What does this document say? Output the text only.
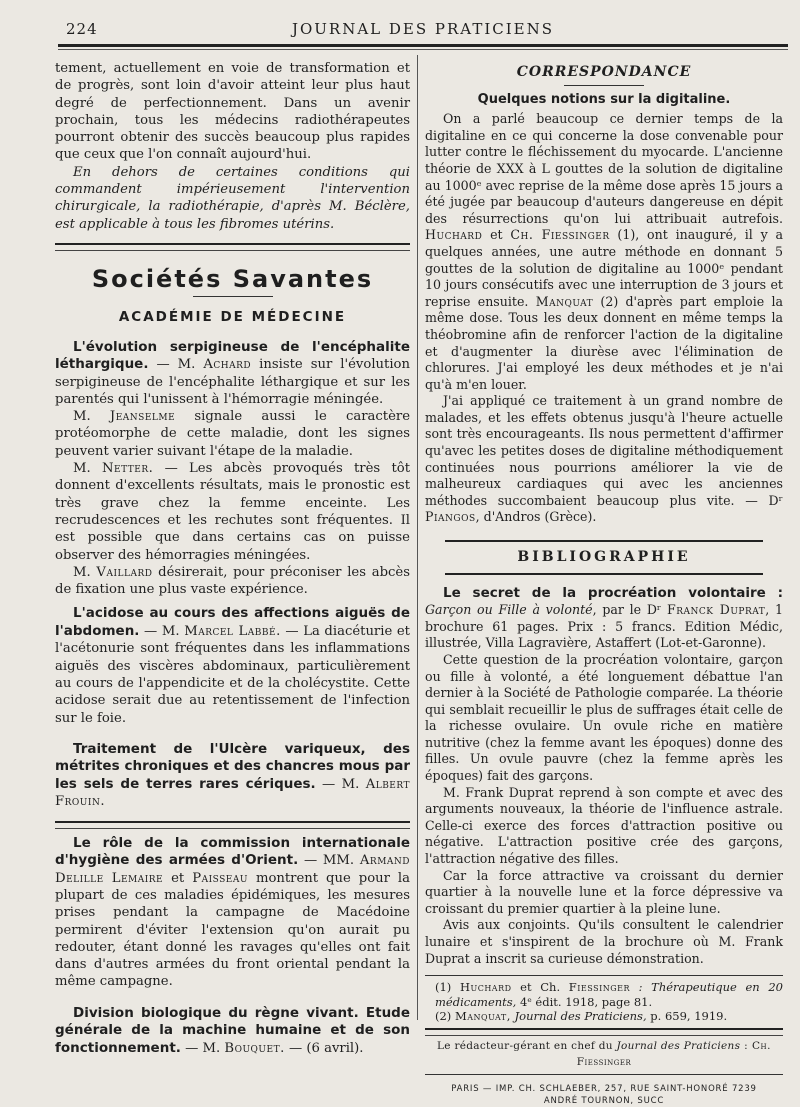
224	JOURNAL DES PRATICIENS

tement, actuellement en voie de transformation et de progrès, sont loin d'avoir atteint leur plus haut degré de perfectionnement. Dans un avenir prochain, tous les médecins radiothérapeutes pourront obtenir des succès beaucoup plus rapides que ceux que l'on connaît aujourd'hui.

En dehors de certaines conditions qui commandent impérieusement l'intervention chirurgicale, la radiothérapie, d'après M. Béclère, est applicable à tous les fibromes utérins.

Sociétés Savantes
ACADÉMIE DE MÉDECINE

L'évolution serpigineuse de l'encéphalite léthargique. — M. Achard insiste sur l'évolution serpigineuse de l'encéphalite léthargique et sur les parentés qui l'unissent à l'hémorragie méningée.

M. Jeanselme signale aussi le caractère protéomorphe de cette maladie, dont les signes peuvent varier suivant l'étape de la maladie.

M. Netter. — Les abcès provoqués très tôt donnent d'excellents résultats, mais le pronostic est très grave chez la femme enceinte. Les recrudescences et les rechutes sont fréquentes. Il est possible que dans certains cas on puisse observer des hémorragies méningées.

M. Vaillard désirerait, pour préconiser les abcès de fixation une plus vaste expérience.

L'acidose au cours des affections aiguës de l'abdomen. — M. Marcel Labbé. — La diacéturie et l'acétonurie sont fréquentes dans les inflammations aiguës des viscères abdominaux, particulièrement au cours de l'appendicite et de la cholécystite. Cette acidose serait due au retentissement de l'infection sur le foie.

Traitement de l'Ulcère variqueux, des métrites chroniques et des chancres mous par les sels de terres rares cériques. — M. Albert Frouin.

Le rôle de la commission internationale d'hygiène des armées d'Orient. — MM. Armand Delille Lemaire et Paisseau montrent que pour la plupart de ces maladies épidémiques, les mesures prises pendant la campagne de Macédoine permirent d'éviter l'extension qu'on aurait pu redouter, étant donné les ravages qu'elles ont fait dans d'autres armées du front oriental pendant la même campagne.

Division biologique du règne vivant. Etude générale de la machine humaine et de son fonctionnement. — M. Bouquet. — (6 avril).

CORRESPONDANCE
Quelques notions sur la digitaline.

On a parlé beaucoup ce dernier temps de la digitaline en ce qui concerne la dose convenable pour lutter contre le fléchissement du myocarde. L'ancienne théorie de XXX à L gouttes de la solution de digitaline au 1000ᵉ avec reprise de la même dose après 15 jours a été jugée par beaucoup d'auteurs dangereuse en dépit des résurrections qu'on lui attribuait autrefois. Huchard et Ch. Fiessinger (1), ont inauguré, il y a quelques années, une autre méthode en donnant 5 gouttes de la solution de digitaline au 1000ᵉ pendant 10 jours consécutifs avec une interruption de 3 jours et reprise ensuite. Manquat (2) d'après part emploie la même dose. Tous les deux donnent en même temps la théobromine afin de renforcer l'action de la digitaline et d'augmenter la diurèse avec l'élimination de chlorures. J'ai employé les deux méthodes et je n'ai qu'à m'en louer.

J'ai appliqué ce traitement à un grand nombre de malades, et les effets obtenus jusqu'à l'heure actuelle sont très encourageants. Ils nous permettent d'affirmer qu'avec les petites doses de digitaline méthodiquement continuées nous pourrions améliorer la vie de malheureux cardiaques qui avec les anciennes méthodes succombaient beaucoup plus vite. — Dʳ Piangos, d'Andros (Grèce).

BIBLIOGRAPHIE

Le secret de la procréation volontaire : Garçon ou Fille à volonté, par le Dʳ Franck Duprat, 1 brochure 61 pages. Prix : 5 francs. Edition Médic, illustrée, Villa Lagravière, Astaffert (Lot-et-Garonne).

Cette question de la procréation volontaire, garçon ou fille à volonté, a été longuement débattue l'an dernier à la Société de Pathologie comparée. La théorie qui semblait recueillir le plus de suffrages était celle de la richesse ovulaire. Un ovule riche en matière nutritive (chez la femme avant les époques) donne des filles. Un ovule pauvre (chez la femme après les époques) fait des garçons.

M. Frank Duprat reprend à son compte et avec des arguments nouveaux, la théorie de l'influence astrale. Celle-ci exerce des forces d'attraction positive ou négative. L'attraction positive crée des garçons, l'attraction négative des filles.

Car la force attractive va croissant du dernier quartier à la nouvelle lune et la force dépressive va croissant du premier quartier à la pleine lune.

Avis aux conjoints. Qu'ils consultent le calendrier lunaire et s'inspirent de la brochure où M. Frank Duprat a inscrit sa curieuse démonstration.

(1) Huchard et Ch. Fiessinger : Thérapeutique en 20 médicaments, 4ᵉ édit. 1918, page 81.

(2) Manquat, Journal des Praticiens, p. 659, 1919.

Le rédacteur-gérant en chef du Journal des Praticiens : Ch. Fiessinger
PARIS — IMP. CH. SCHLAEBER, 257, RUE SAINT-HONORÉ 7239
ANDRÉ TOURNON, SUCC
